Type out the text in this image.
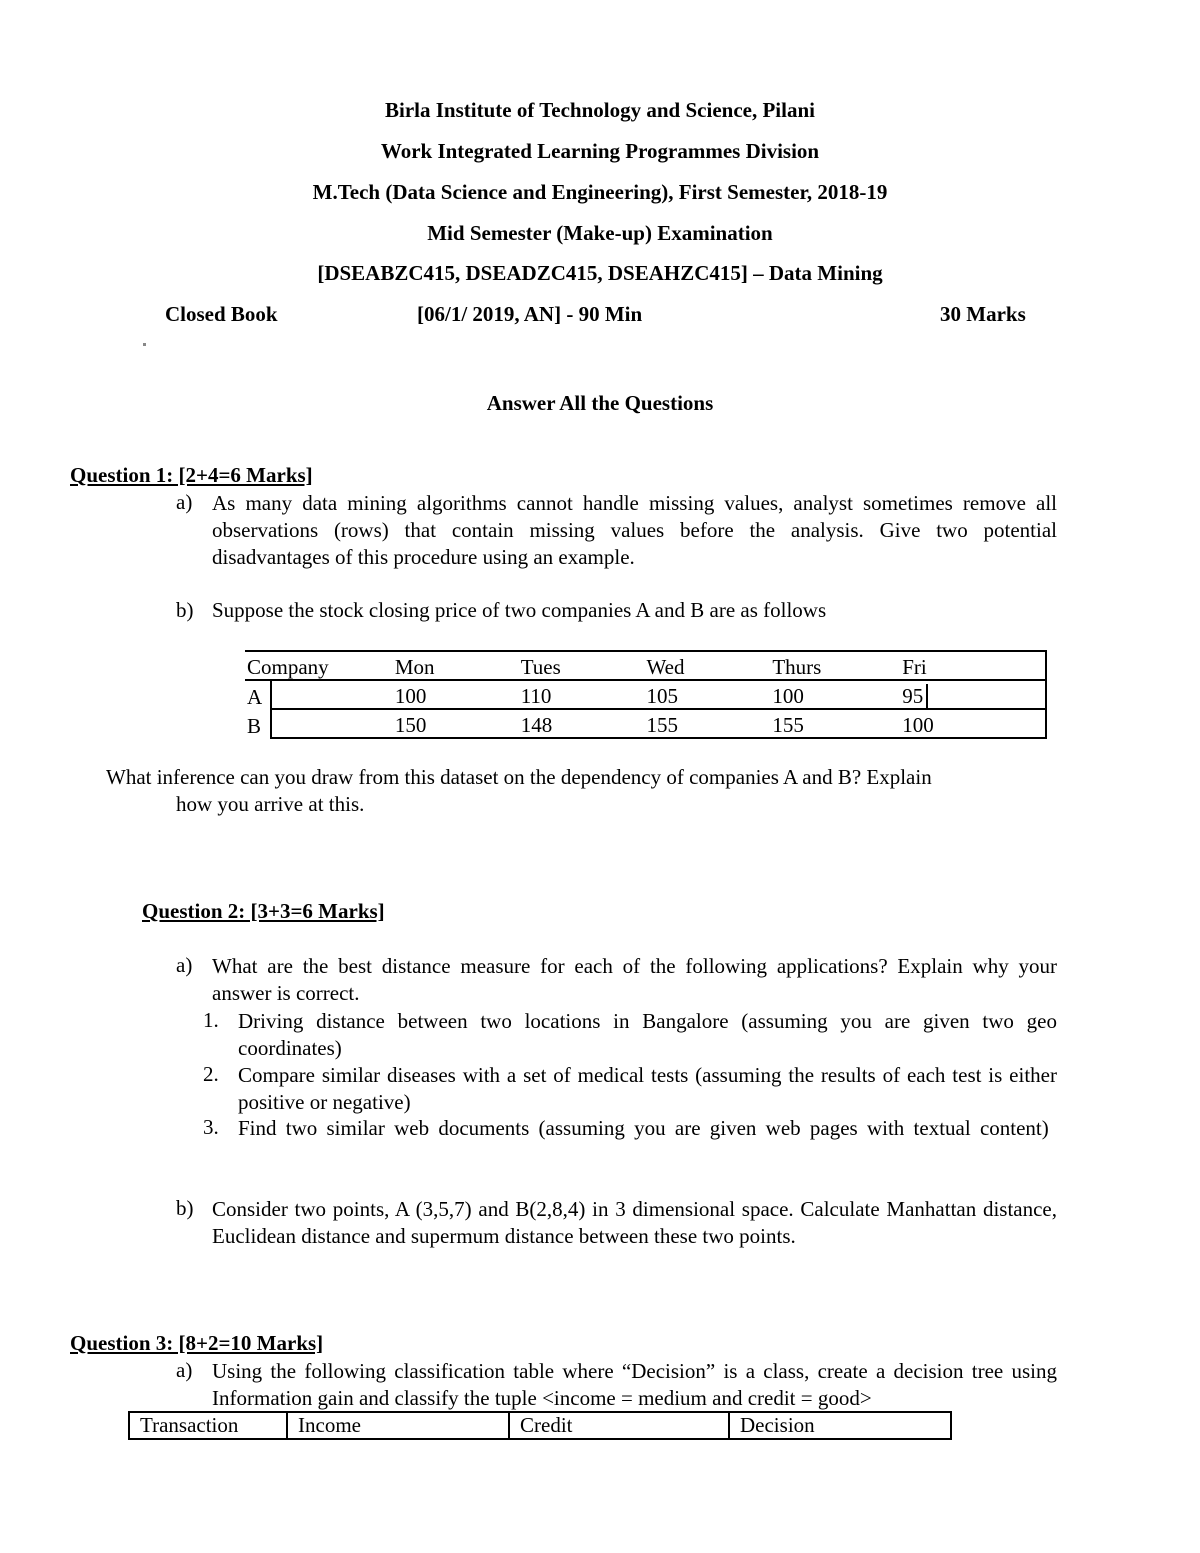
Birla Institute of Technology and Science, Pilani
Work Integrated Learning Programmes Division
M.Tech (Data Science and Engineering), First Semester, 2018-19
Mid Semester (Make-up) Examination
[DSEABZC415, DSEADZC415, DSEAHZC415] – Data Mining
Closed Book	[06/1/ 2019, AN] - 90 Min	30 Marks
Answer All the Questions
Question 1: [2+4=6 Marks]
a) As many data mining algorithms cannot handle missing values, analyst sometimes remove all observations (rows) that contain missing values before the analysis. Give two potential disadvantages of this procedure using an example.
b) Suppose the stock closing price of two companies A and B are as follows
Company		Mon	Tues	Wed	Thurs	Fri
A		100	110	105	100	95
B		150	148	155	155	100
What inference can you draw from this dataset on the dependency of companies A and B? Explain
how you arrive at this.
Question 2: [3+3=6 Marks]
a) What are the best distance measure for each of the following applications? Explain why your answer is correct.
1. Driving distance between two locations in Bangalore (assuming you are given two geo coordinates)
2. Compare similar diseases with a set of medical tests (assuming the results of each test is either positive or negative)
3. Find two similar web documents (assuming you are given web pages with textual content)
b) Consider two points, A (3,5,7) and B(2,8,4) in 3 dimensional space. Calculate Manhattan distance, Euclidean distance and supermum distance between these two points.
Question 3: [8+2=10 Marks]
a) Using the following classification table where “Decision” is a class, create a decision tree using Information gain and classify the tuple <income = medium and credit = good>
Transaction	Income	Credit	Decision
